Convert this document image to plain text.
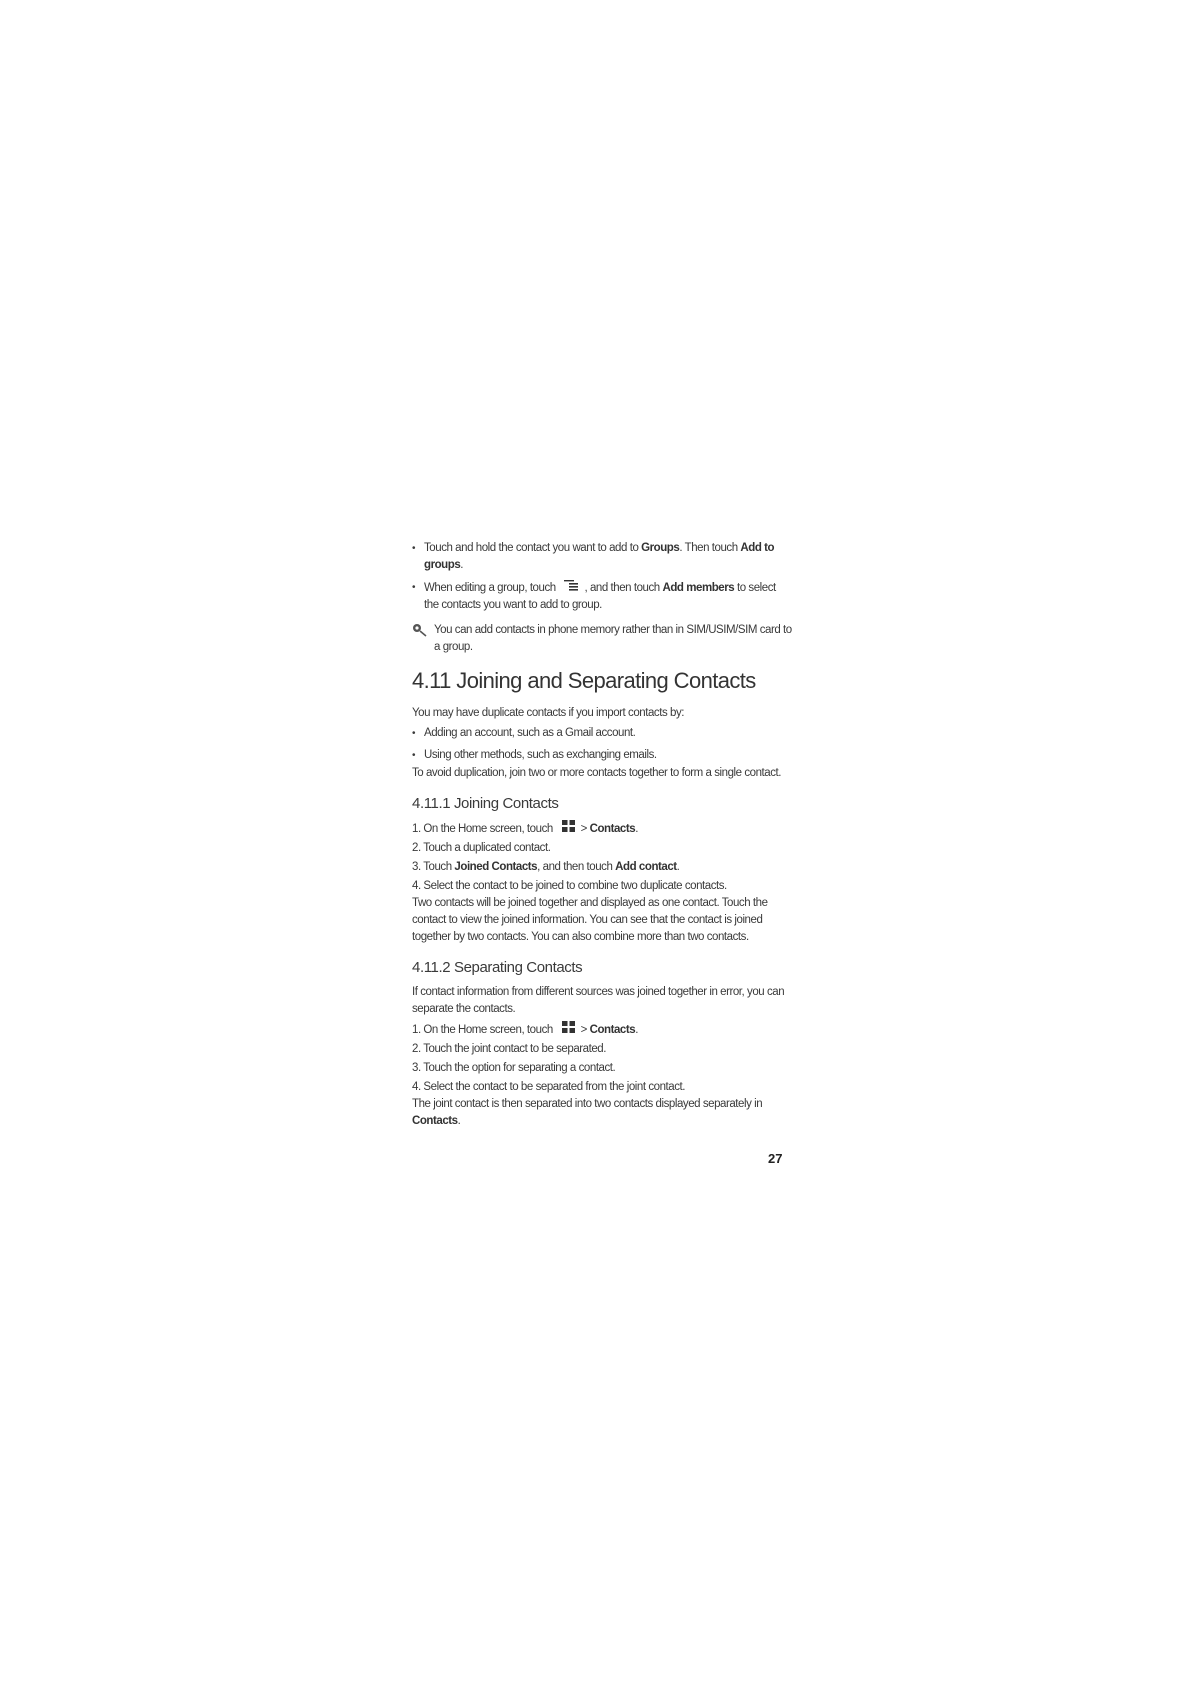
• Touch and hold the contact you want to add to Groups. Then touch Add to groups.
• When editing a group, touch , and then touch Add members to select the contacts you want to add to group.
You can add contacts in phone memory rather than in SIM/USIM/SIM card to a group.
4.11 Joining and Separating Contacts
You may have duplicate contacts if you import contacts by:
• Adding an account, such as a Gmail account.
• Using other methods, such as exchanging emails.
To avoid duplication, join two or more contacts together to form a single contact.
4.11.1 Joining Contacts
1. On the Home screen, touch > Contacts.
2. Touch a duplicated contact.
3. Touch Joined Contacts, and then touch Add contact.
4. Select the contact to be joined to combine two duplicate contacts.
Two contacts will be joined together and displayed as one contact. Touch the contact to view the joined information. You can see that the contact is joined together by two contacts. You can also combine more than two contacts.
4.11.2 Separating Contacts
If contact information from different sources was joined together in error, you can separate the contacts.
1. On the Home screen, touch > Contacts.
2. Touch the joint contact to be separated.
3. Touch the option for separating a contact.
4. Select the contact to be separated from the joint contact.
The joint contact is then separated into two contacts displayed separately in Contacts.
27
